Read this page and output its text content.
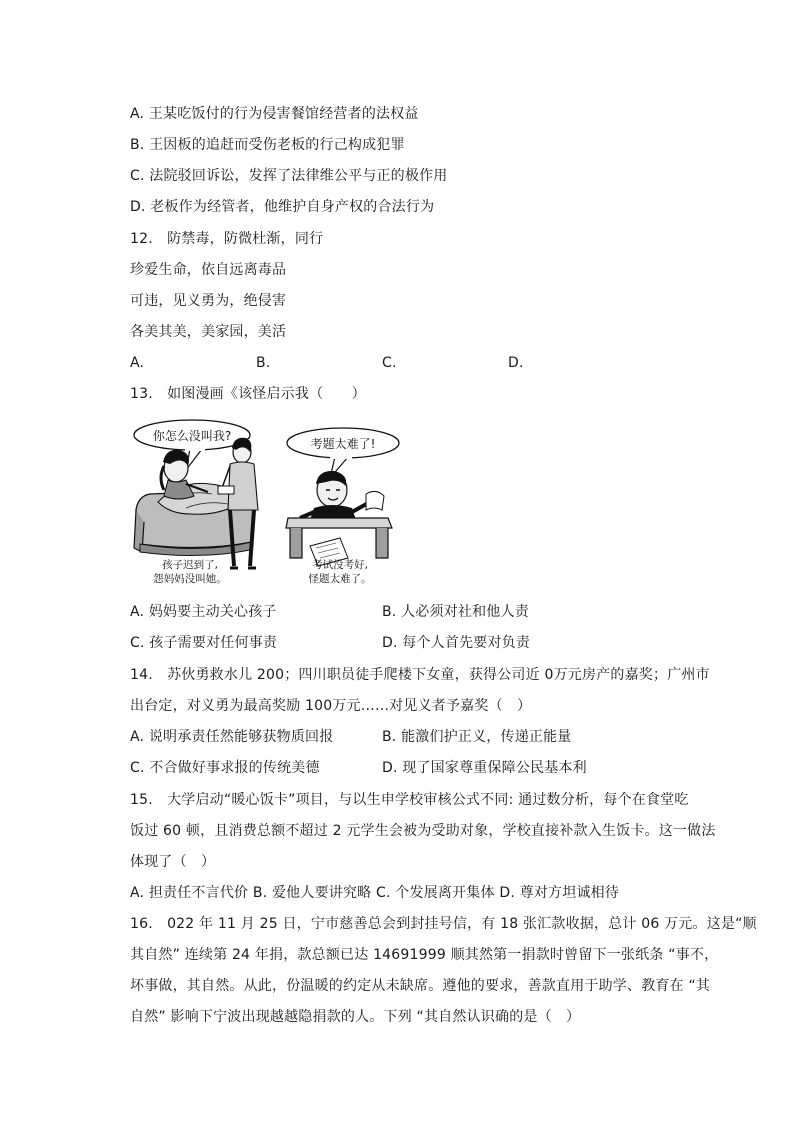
A. 王某吃饭付的行为侵害餐馆经营者的法权益
B. 王因板的追赶而受伤老板的行己构成犯罪
C. 法院驳回诉讼，发挥了法律维公平与正的极作用
D. 老板作为经管者，他维护自身产权的合法行为
12.　防禁毒，防微杜渐，同行
珍爱生命，依自远离毒品
可违，见义勇为，绝侵害
各美其美，美家园，美活
A.	B.	C.	D.
13.　如图漫画《该怪启示我（　　）
你怎么没叫我?
考题太难了!
孩子迟到了,
怨妈妈没叫她。
考试没考好,
怪题太难了。
A. 妈妈要主动关心孩子	B. 人必须对社和他人责
C. 孩子需要对任何事责	D. 每个人首先要对负责
14.　苏伙勇救水儿 200；四川职员徒手爬楼下女童，获得公司近 0万元房产的嘉奖；广州市
出台定，对义勇为最高奖励 100万元……对见义者予嘉奖（　）
A. 说明承责任然能够获物质回报	B. 能激们护正义，传递正能量
C. 不合做好事求报的传统美德	D. 现了国家尊重保障公民基本利
15.　大学启动“暖心饭卡”项目，与以生申学校审核公式不同: 通过数分析，每个在食堂吃
饭过 60 顿，且消费总额不超过 2 元学生会被为受助对象，学校直接补款入生饭卡。这一做法
体现了（　）
A. 担责任不言代价 B. 爱他人要讲究略 C. 个发展离开集体 D. 尊对方坦诚相待
16.　022 年 11 月 25 日，宁市慈善总会到封挂号信，有 18 张汇款收据，总计 06 万元。这是“顺
其自然” 连续第 24 年捐，款总额已达 14691999 顺其然第一捐款时曾留下一张纸条 “事不，
坏事做，其自然。从此，份温暖的约定从未缺席。遵他的要求，善款直用于助学、教育在 “其
自然” 影响下宁波出现越越隐捐款的人。下列 “其自然认识确的是（　）
